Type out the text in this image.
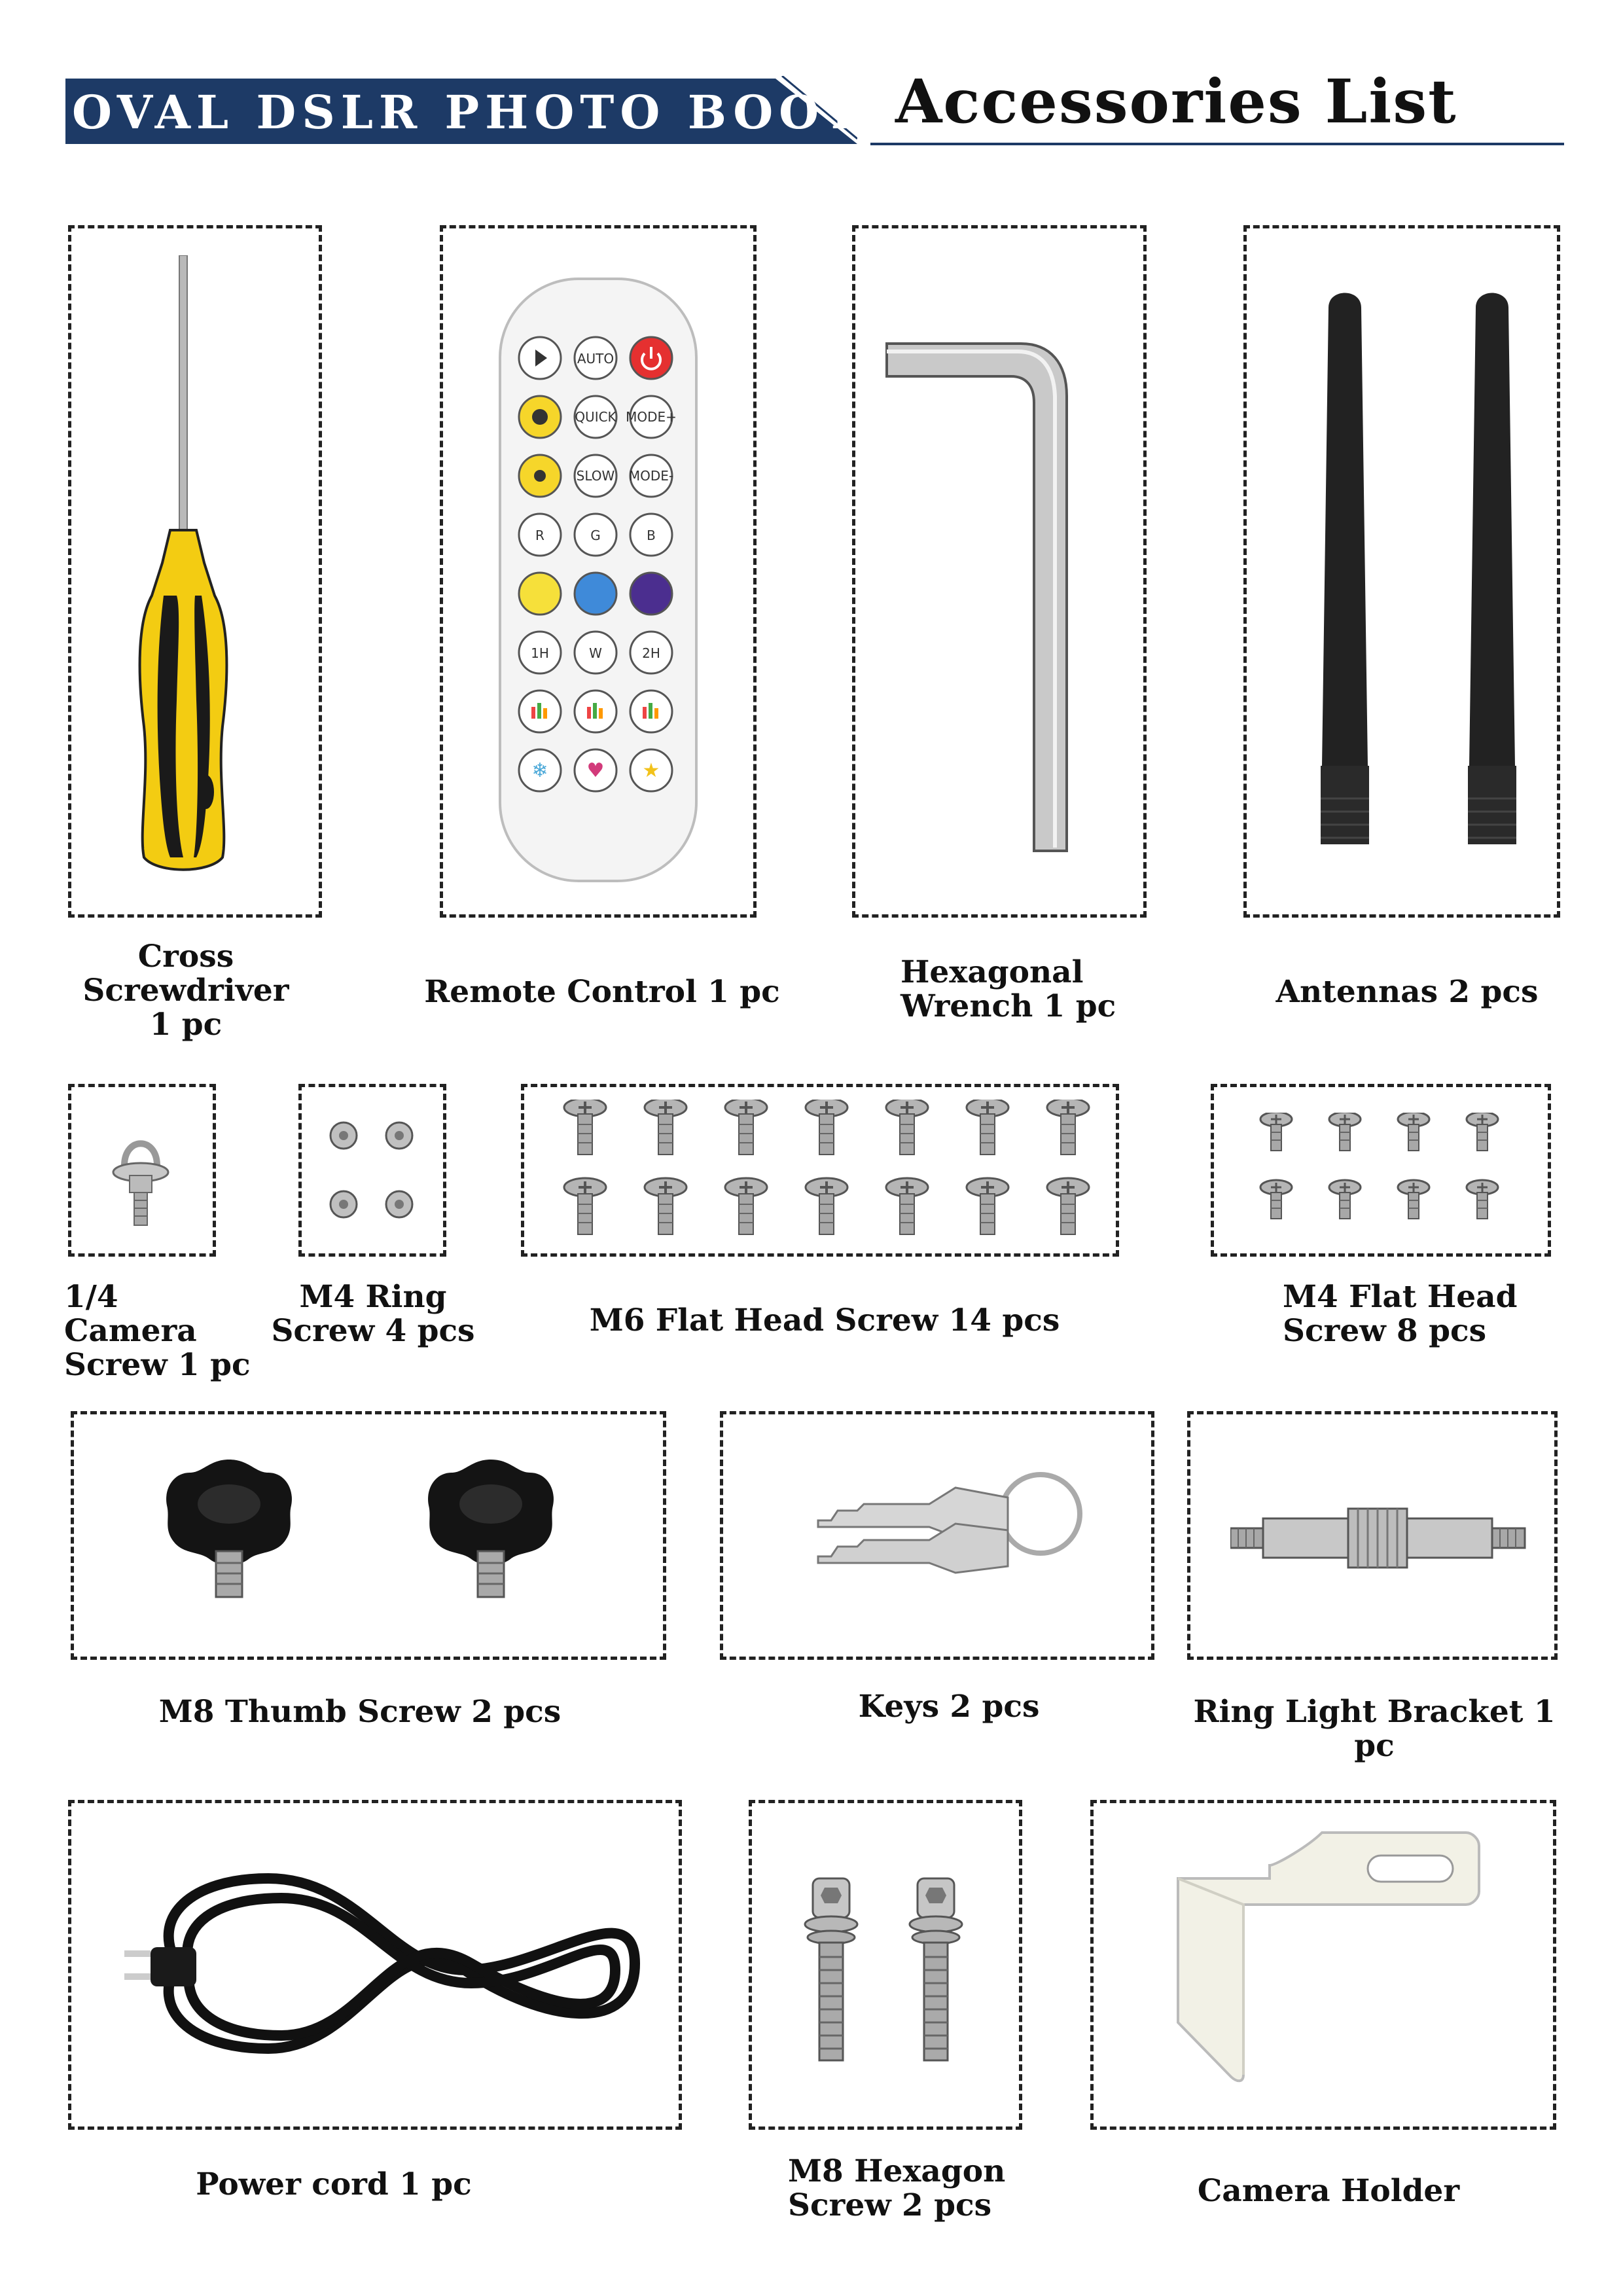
OVAL DSLR PHOTO BOOTH
Accessories List
Cross
Screwdriver
1 pc
AUTO
QUICK MODE+
SLOW MODE-
R	G	B
1H	W	2H
❄ ♥ ★
Remote Control 1 pc
Hexagonal
Wrench 1 pc	Antennas 2 pcs
1/4 Camera
Screw 1 pc
M4 Ring
Screw 4 pcs	M6 Flat Head Screw 14 pcs
M4 Flat Head
Screw 8 pcs
M8 Thumb Screw 2 pcs	Keys 2 pcs	Ring Light Bracket 1 pc
Power cord 1 pc	M8 Hexagon
Screw 2 pcs	Camera Holder
